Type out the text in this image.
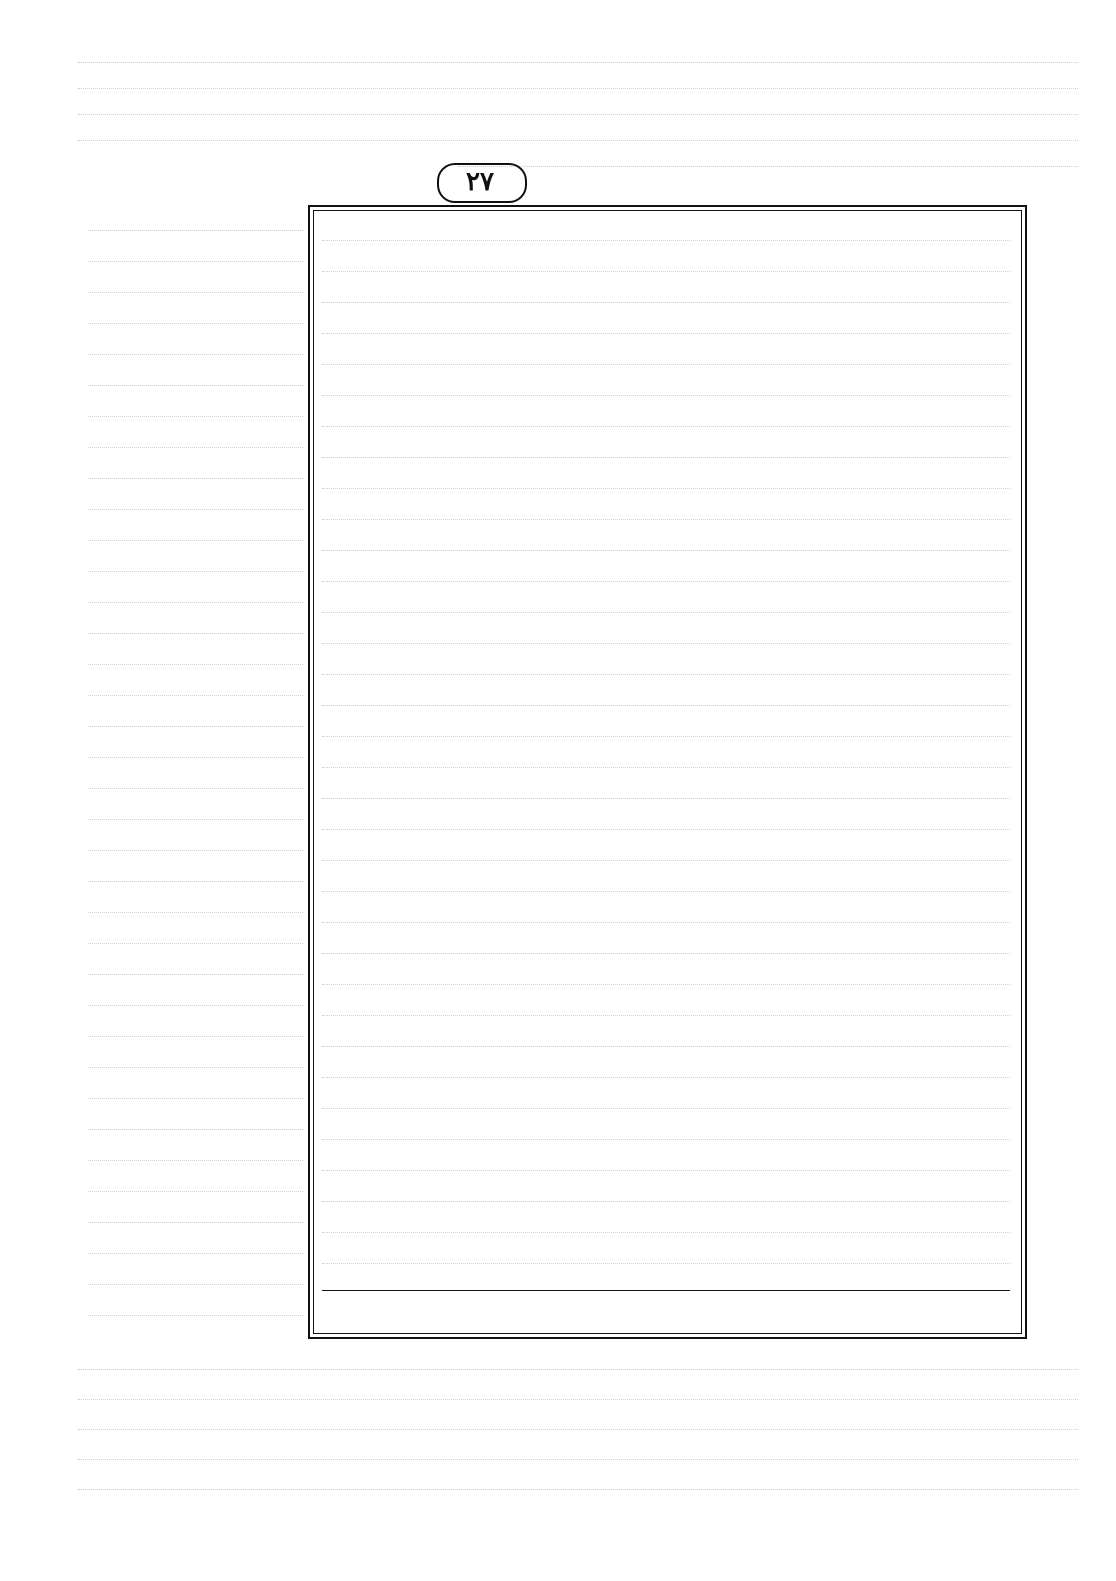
٢٧
